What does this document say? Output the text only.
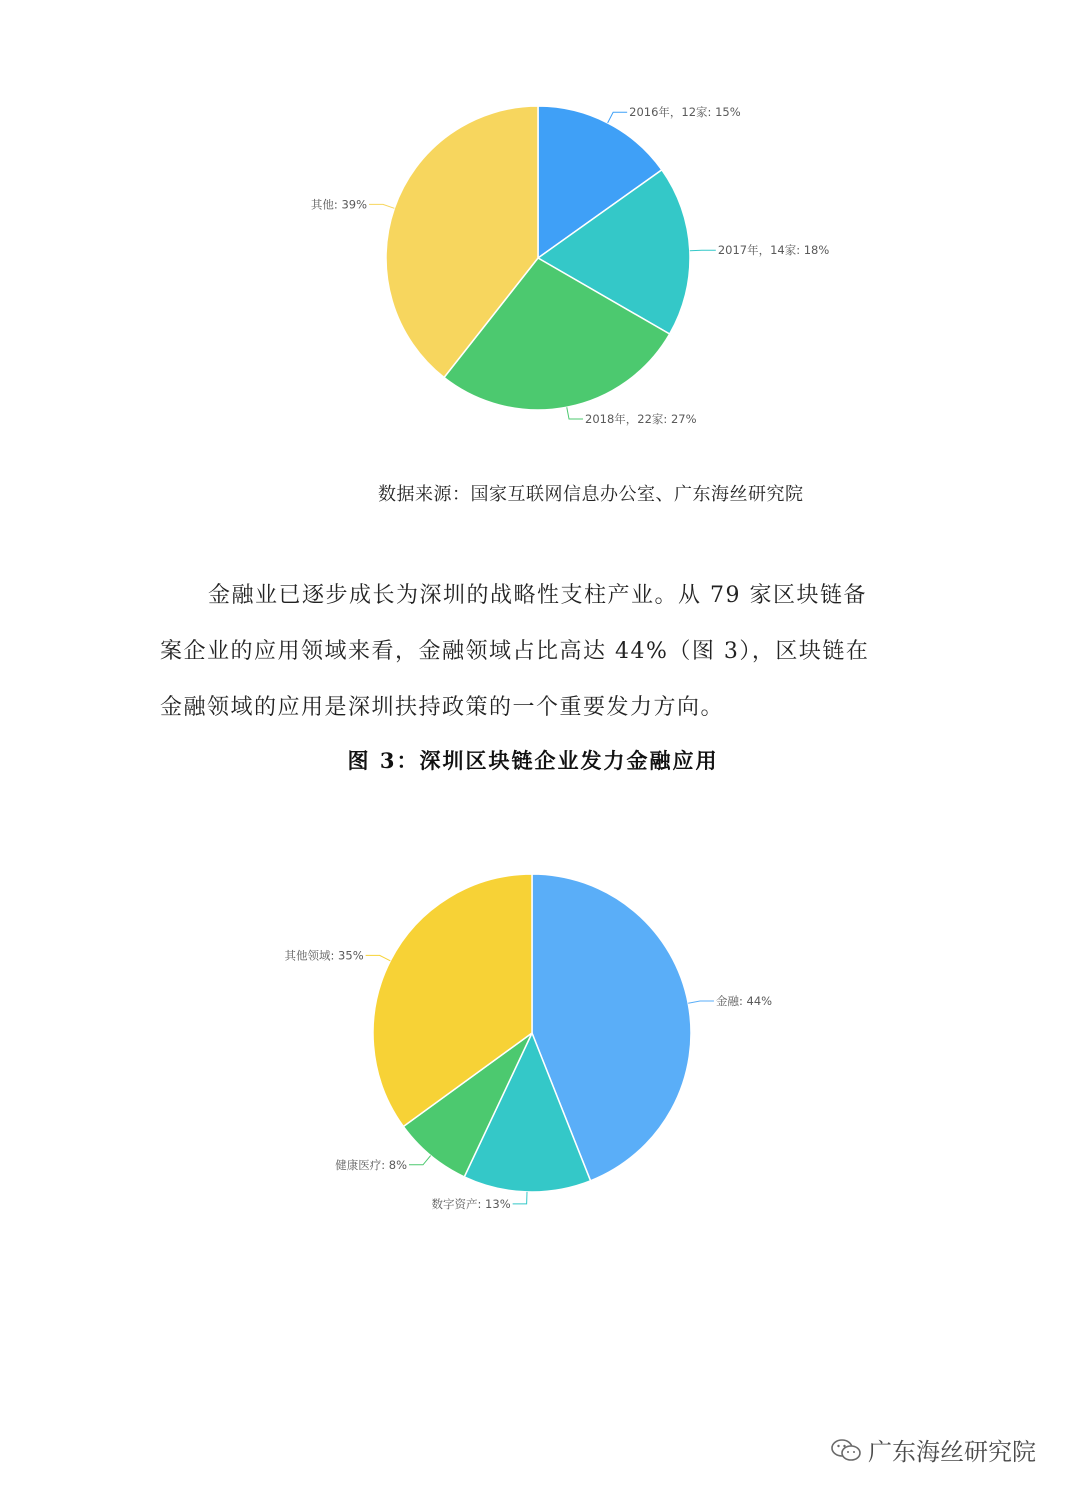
2016年，12家: 15%
2017年，14家: 18%
2018年，22家: 27%
其他: 39%
数据来源：国家互联网信息办公室、广东海丝研究院
金融业已逐步成长为深圳的战略性支柱产业。从 79 家区块链备
案企业的应用领域来看，金融领域占比高达 44%（图 3），区块链在
金融领域的应用是深圳扶持政策的一个重要发力方向。
图 3：深圳区块链企业发力金融应用
金融: 44%
数字资产: 13%
健康医疗: 8%
其他领域: 35%
广东海丝研究院
